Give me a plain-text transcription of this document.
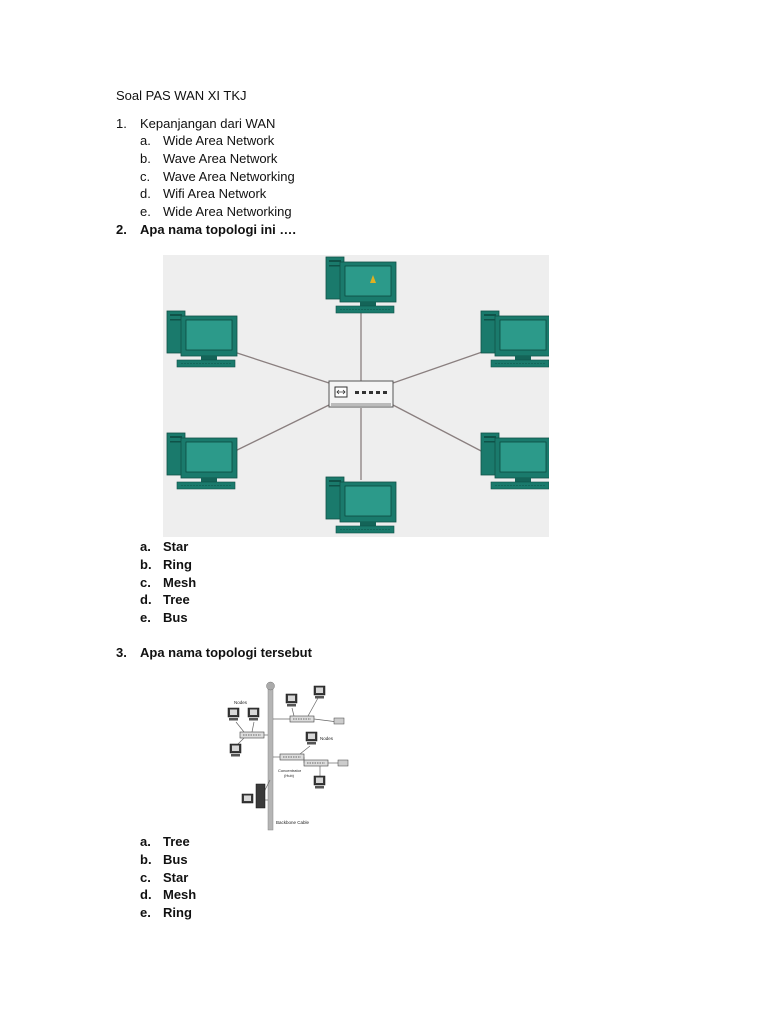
Soal PAS WAN XI TKJ
1. Kepanjangan dari WAN
a. Wide Area Network
b. Wave Area Network
c. Wave Area Networking
d. Wifi Area Network
e. Wide Area Networking
2. Apa nama topologi ini ….
a. Star
b. Ring
c. Mesh
d. Tree
e. Bus
3. Apa nama topologi tersebut
Nodes
Nodes
Concentrator
(Hub)
Backbone Cable
a. Tree
b. Bus
c. Star
d. Mesh
e. Ring
